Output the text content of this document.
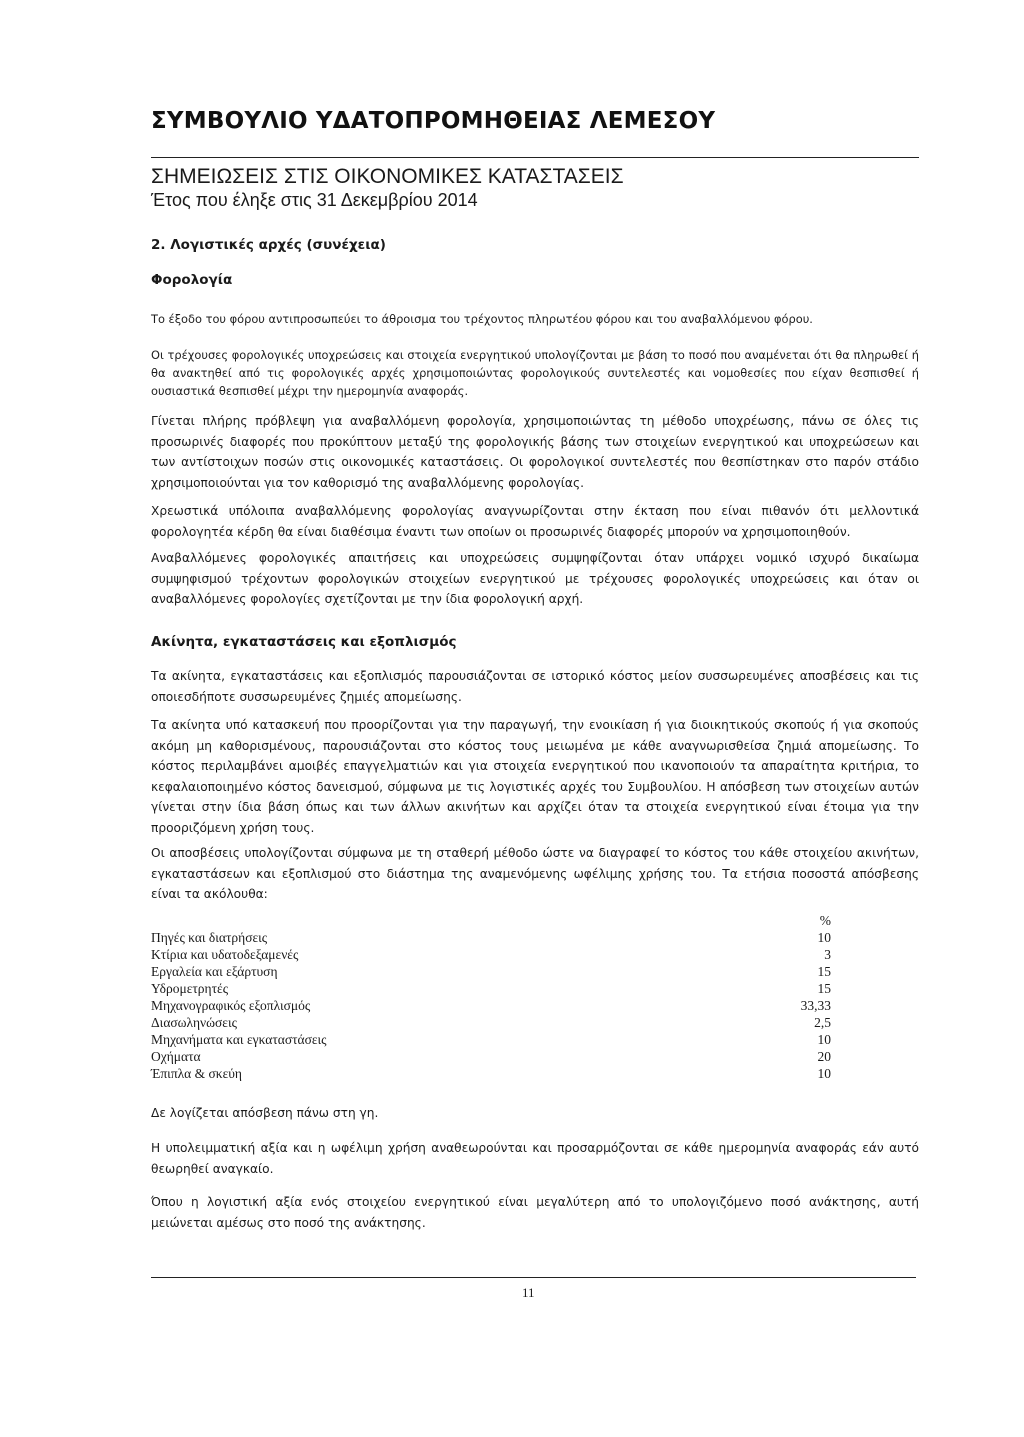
ΣΥΜΒΟΥΛΙΟ ΥΔΑΤΟΠΡΟΜΗΘΕΙΑΣ ΛΕΜΕΣΟΥ
ΣΗΜΕΙΩΣΕΙΣ ΣΤΙΣ ΟΙΚΟΝΟΜΙΚΕΣ ΚΑΤΑΣΤΑΣΕΙΣ
Έτος που έληξε στις 31 Δεκεμβρίου 2014
2. Λογιστικές αρχές (συνέχεια)
Φορολογία

Το έξοδο του φόρου αντιπροσωπεύει το άθροισμα του τρέχοντος πληρωτέου φόρου και του αναβαλλόμενου φόρου.

Οι τρέχουσες φορολογικές υποχρεώσεις και στοιχεία ενεργητικού υπολογίζονται με βάση το ποσό που αναμένεται ότι θα πληρωθεί ή θα ανακτηθεί από τις φορολογικές αρχές χρησιμοποιώντας φορολογικούς συντελεστές και νομοθεσίες που είχαν θεσπισθεί ή ουσιαστικά θεσπισθεί μέχρι την ημερομηνία αναφοράς.

Γίνεται πλήρης πρόβλεψη για αναβαλλόμενη φορολογία, χρησιμοποιώντας τη μέθοδο υποχρέωσης, πάνω σε όλες τις προσωρινές διαφορές που προκύπτουν μεταξύ της φορολογικής βάσης των στοιχείων ενεργητικού και υποχρεώσεων και των αντίστοιχων ποσών στις οικονομικές καταστάσεις. Οι φορολογικοί συντελεστές που θεσπίστηκαν στο παρόν στάδιο χρησιμοποιούνται για τον καθορισμό της αναβαλλόμενης φορολογίας.

Χρεωστικά υπόλοιπα αναβαλλόμενης φορολογίας αναγνωρίζονται στην έκταση που είναι πιθανόν ότι μελλοντικά φορολογητέα κέρδη θα είναι διαθέσιμα έναντι των οποίων οι προσωρινές διαφορές μπορούν να χρησιμοποιηθούν.

Αναβαλλόμενες φορολογικές απαιτήσεις και υποχρεώσεις συμψηφίζονται όταν υπάρχει νομικό ισχυρό δικαίωμα συμψηφισμού τρέχοντων φορολογικών στοιχείων ενεργητικού με τρέχουσες φορολογικές υποχρεώσεις και όταν οι αναβαλλόμενες φορολογίες σχετίζονται με την ίδια φορολογική αρχή.

Ακίνητα, εγκαταστάσεις και εξοπλισμός

Τα ακίνητα, εγκαταστάσεις και εξοπλισμός παρουσιάζονται σε ιστορικό κόστος μείον συσσωρευμένες αποσβέσεις και τις οποιεσδήποτε συσσωρευμένες ζημιές απομείωσης.

Τα ακίνητα υπό κατασκευή που προορίζονται για την παραγωγή, την ενοικίαση ή για διοικητικούς σκοπούς ή για σκοπούς ακόμη μη καθορισμένους, παρουσιάζονται στο κόστος τους μειωμένα με κάθε αναγνωρισθείσα ζημιά απομείωσης. Το κόστος περιλαμβάνει αμοιβές επαγγελματιών και για στοιχεία ενεργητικού που ικανοποιούν τα απαραίτητα κριτήρια, το κεφαλαιοποιημένο κόστος δανεισμού, σύμφωνα με τις λογιστικές αρχές του Συμβουλίου. Η απόσβεση των στοιχείων αυτών γίνεται στην ίδια βάση όπως και των άλλων ακινήτων και αρχίζει όταν τα στοιχεία ενεργητικού είναι έτοιμα για την προοριζόμενη χρήση τους.

Οι αποσβέσεις υπολογίζονται σύμφωνα με τη σταθερή μέθοδο ώστε να διαγραφεί το κόστος του κάθε στοιχείου ακινήτων, εγκαταστάσεων και εξοπλισμού στο διάστημα της αναμενόμενης ωφέλιμης χρήσης του. Τα ετήσια ποσοστά απόσβεσης είναι τα ακόλουθα:

%
Πηγές και διατρήσεις	10
Κτίρια και υδατοδεξαμενές	3
Εργαλεία και εξάρτυση	15
Υδρομετρητές	15
Μηχανογραφικός εξοπλισμός	33,33
Διασωληνώσεις	2,5
Μηχανήματα και εγκαταστάσεις	10
Οχήματα	20
Έπιπλα & σκεύη	10

Δε λογίζεται απόσβεση πάνω στη γη.

Η υπολειμματική αξία και η ωφέλιμη χρήση αναθεωρούνται και προσαρμόζονται σε κάθε ημερομηνία αναφοράς εάν αυτό θεωρηθεί αναγκαίο.

Όπου η λογιστική αξία ενός στοιχείου ενεργητικού είναι μεγαλύτερη από το υπολογιζόμενο ποσό ανάκτησης, αυτή μειώνεται αμέσως στο ποσό της ανάκτησης.

11
